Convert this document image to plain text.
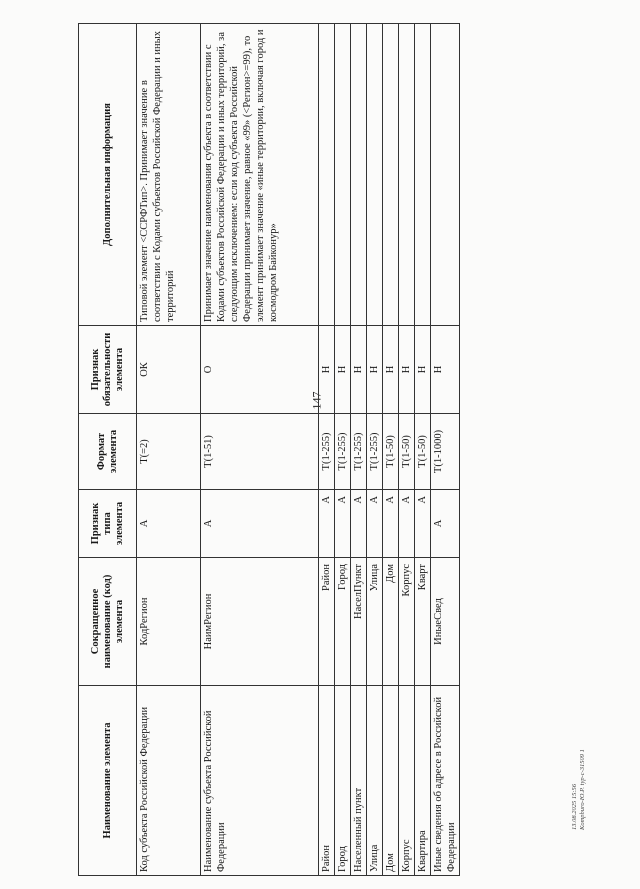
147
Наименование элемента	Сокращенное наименование (код) элемента	Признак типа элемента	Формат элемента	Признак обязательности элемента	Дополнительная информация
Код субъекта Российской Федерации	КодРегион	А	T(=2)	ОК	Типовой элемент <ССРФТип>. Принимает значение в соответствии с Кодами субъектов Российской Федерации и иных территорий
Наименование субъекта Российской Федерации	НаимРегион	А	T(1-51)	О	Принимает значение наименования субъекта в соответствии с Кодами субъектов Российской Федерации и иных территорий, за следующим исключением: если код субъекта Российской Федерации принимает значение, равное «99» (<Регион>=99), то элемент принимает значение «иные территории, включая город и космодром Байконур»
Район	Район	А	T(1-255)	Н	
Город	Город	А	T(1-255)	Н	
Населенный пункт	НаселПункт	А	T(1-255)	Н	
Улица	Улица	А	T(1-255)	Н	
Дом	Дом	А	T(1-50)	Н	
Корпус	Корпус	А	T(1-50)	Н	
Квартира	Кварт	А	T(1-50)	Н	
Иные сведения об адресе в Российской Федерации	ИныеСвед	А	T(1-1000)	Н	
13.08.2025 15:56 Kompburo-Ю.Р. typ-c-31509 1
